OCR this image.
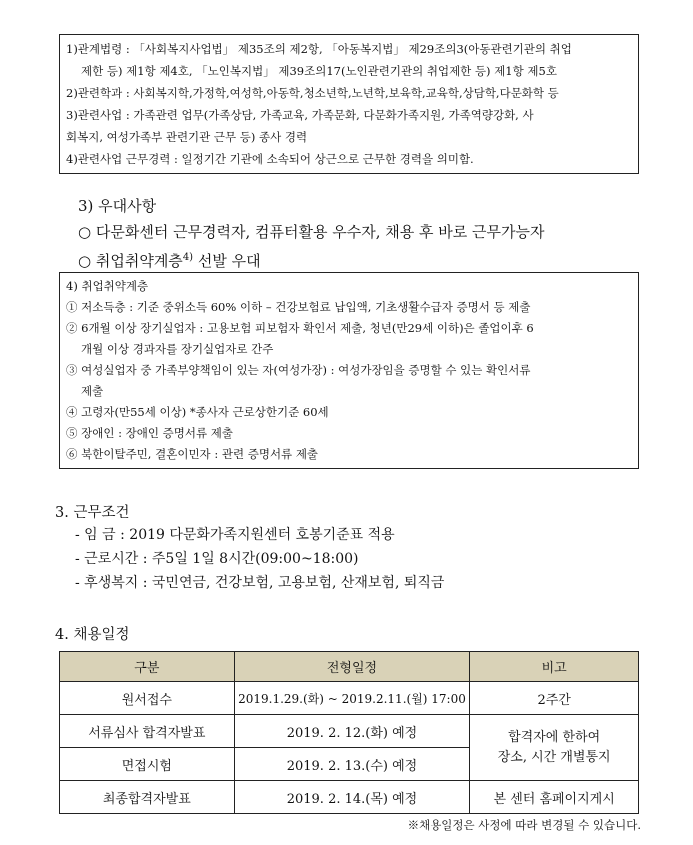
1)관계법령 : 「사회복지사업법」 제35조의 제2항, 「아동복지법」 제29조의3(아동관련기관의 취업

제한 등) 제1항 제4호, 「노인복지법」 제39조의17(노인관련기관의 취업제한 등) 제1항 제5호

2)관련학과 : 사회복지학,가정학,여성학,아동학,청소년학,노년학,보육학,교육학,상담학,다문화학 등

3)관련사업 : 가족관련 업무(가족상담, 가족교육, 가족문화, 다문화가족지원, 가족역량강화, 사

회복지, 여성가족부 관련기관 근무 등) 종사 경력

4)관련사업 근무경력 : 일정기간 기관에 소속되어 상근으로 근무한 경력을 의미함.

3) 우대사항
○ 다문화센터 근무경력자, 컴퓨터활용 우수자, 채용 후 바로 근무가능자
○ 취업취약계층$^{4)}$ 선발 우대

4) 취업취약계층

① 저소득층 : 기준 중위소득 60% 이하 – 건강보험료 납입액, 기초생활수급자 증명서 등 제출

② 6개월 이상 장기실업자 : 고용보험 피보험자 확인서 제출, 청년(만29세 이하)은 졸업이후 6

개월 이상 경과자를 장기실업자로 간주

③ 여성실업자 중 가족부양책임이 있는 자(여성가장) : 여성가장임을 증명할 수 있는 확인서류

제출

④ 고령자(만55세 이상) *종사자 근로상한기준 60세

⑤ 장애인 : 장애인 증명서류 제출

⑥ 북한이탈주민, 결혼이민자 : 관련 증명서류 제출

3. 근무조건
- 임 금 : 2019 다문화가족지원센터 호봉기준표 적용
- 근로시간 : 주5일 1일 8시간(09:00~18:00)
- 후생복지 : 국민연금, 건강보험, 고용보험, 산재보험, 퇴직금
4. 채용일정
구분	전형일정	비고
원서접수	2019.1.29.(화) ~ 2019.2.11.(월) 17:00	2주간
서류심사 합격자발표	2019. 2. 12.(화) 예정	합격자에 한하여
장소, 시간 개별통지
면접시험	2019. 2. 13.(수) 예정	
최종합격자발표	2019. 2. 14.(목) 예정	본 센터 홈페이지게시
※채용일정은 사정에 따라 변경될 수 있습니다.
